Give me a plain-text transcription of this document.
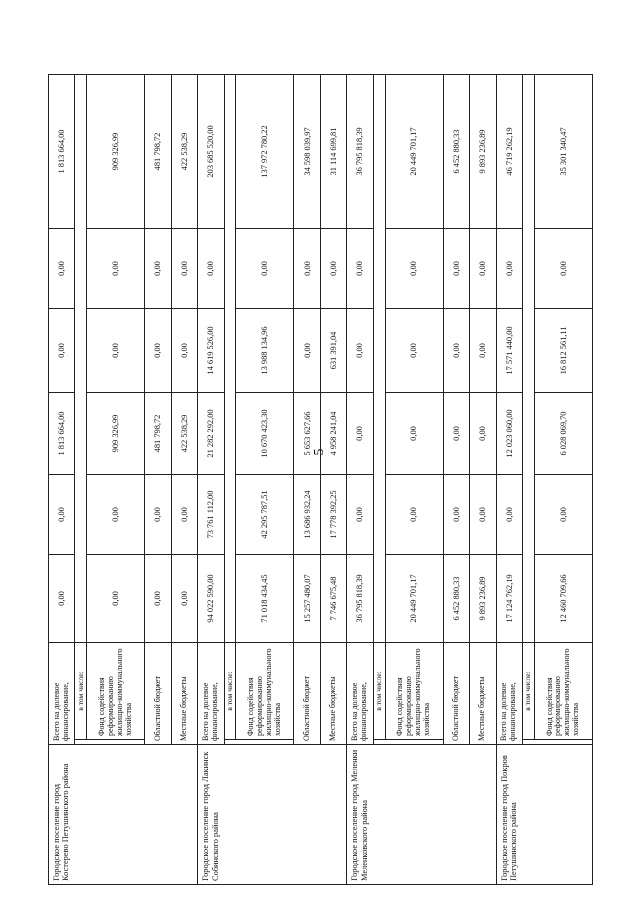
5
Городское поселение город Костерево Петушинского района	Всего на долевое финансирование,		0,00	0,00	1 813 664,00	0,00	0,00	1 813 664,00
		в том числе:						
		Фонд содействия реформированию жилищно-коммунального хозяйства	0,00	0,00	909 326,99	0,00	0,00	909 326,99
	Областной бюджет		0,00	0,00	481 798,72	0,00	0,00	481 798,72
	Местные бюджеты		0,00	0,00	422 538,29	0,00	0,00	422 538,29
Городское поселение город Лакинск Собинского района	Всего на долевое финансирование,		94 022 590,00	73 761 112,00	21 282 292,00	14 619 526,00	0,00	203 685 520,00
		в том числе:						
		Фонд содействия реформированию жилищно-коммунального хозяйства	71 018 434,45	42 295 787,51	10 670 423,30	13 988 134,96	0,00	137 972 780,22
	Областной бюджет		15 257 480,07	13 686 932,24	5 653 627,66	0,00	0,00	34 598 039,97
	Местные бюджеты		7 746 675,48	17 778 392,25	4 958 241,04	631 391,04	0,00	31 114 699,81
Городское поселение город Меленки Меленковского района	Всего на долевое финансирование,		36 795 818,39	0,00	0,00	0,00	0,00	36 795 818,39
		в том числе:						
		Фонд содействия реформированию жилищно-коммунального хозяйства	20 449 701,17	0,00	0,00	0,00	0,00	20 449 701,17
	Областной бюджет		6 452 880,33	0,00	0,00	0,00	0,00	6 452 880,33
	Местные бюджеты		9 893 236,89	0,00	0,00	0,00	0,00	9 893 236,89
Городское поселение город Покров Петушинского района	Всего на долевое финансирование,		17 124 762,19	0,00	12 023 060,00	17 571 440,00	0,00	46 719 262,19
		в том числе:						
		Фонд содействия реформированию жилищно-коммунального хозяйства	12 460 709,66	0,00	6 028 069,70	16 812 561,11	0,00	35 301 340,47
